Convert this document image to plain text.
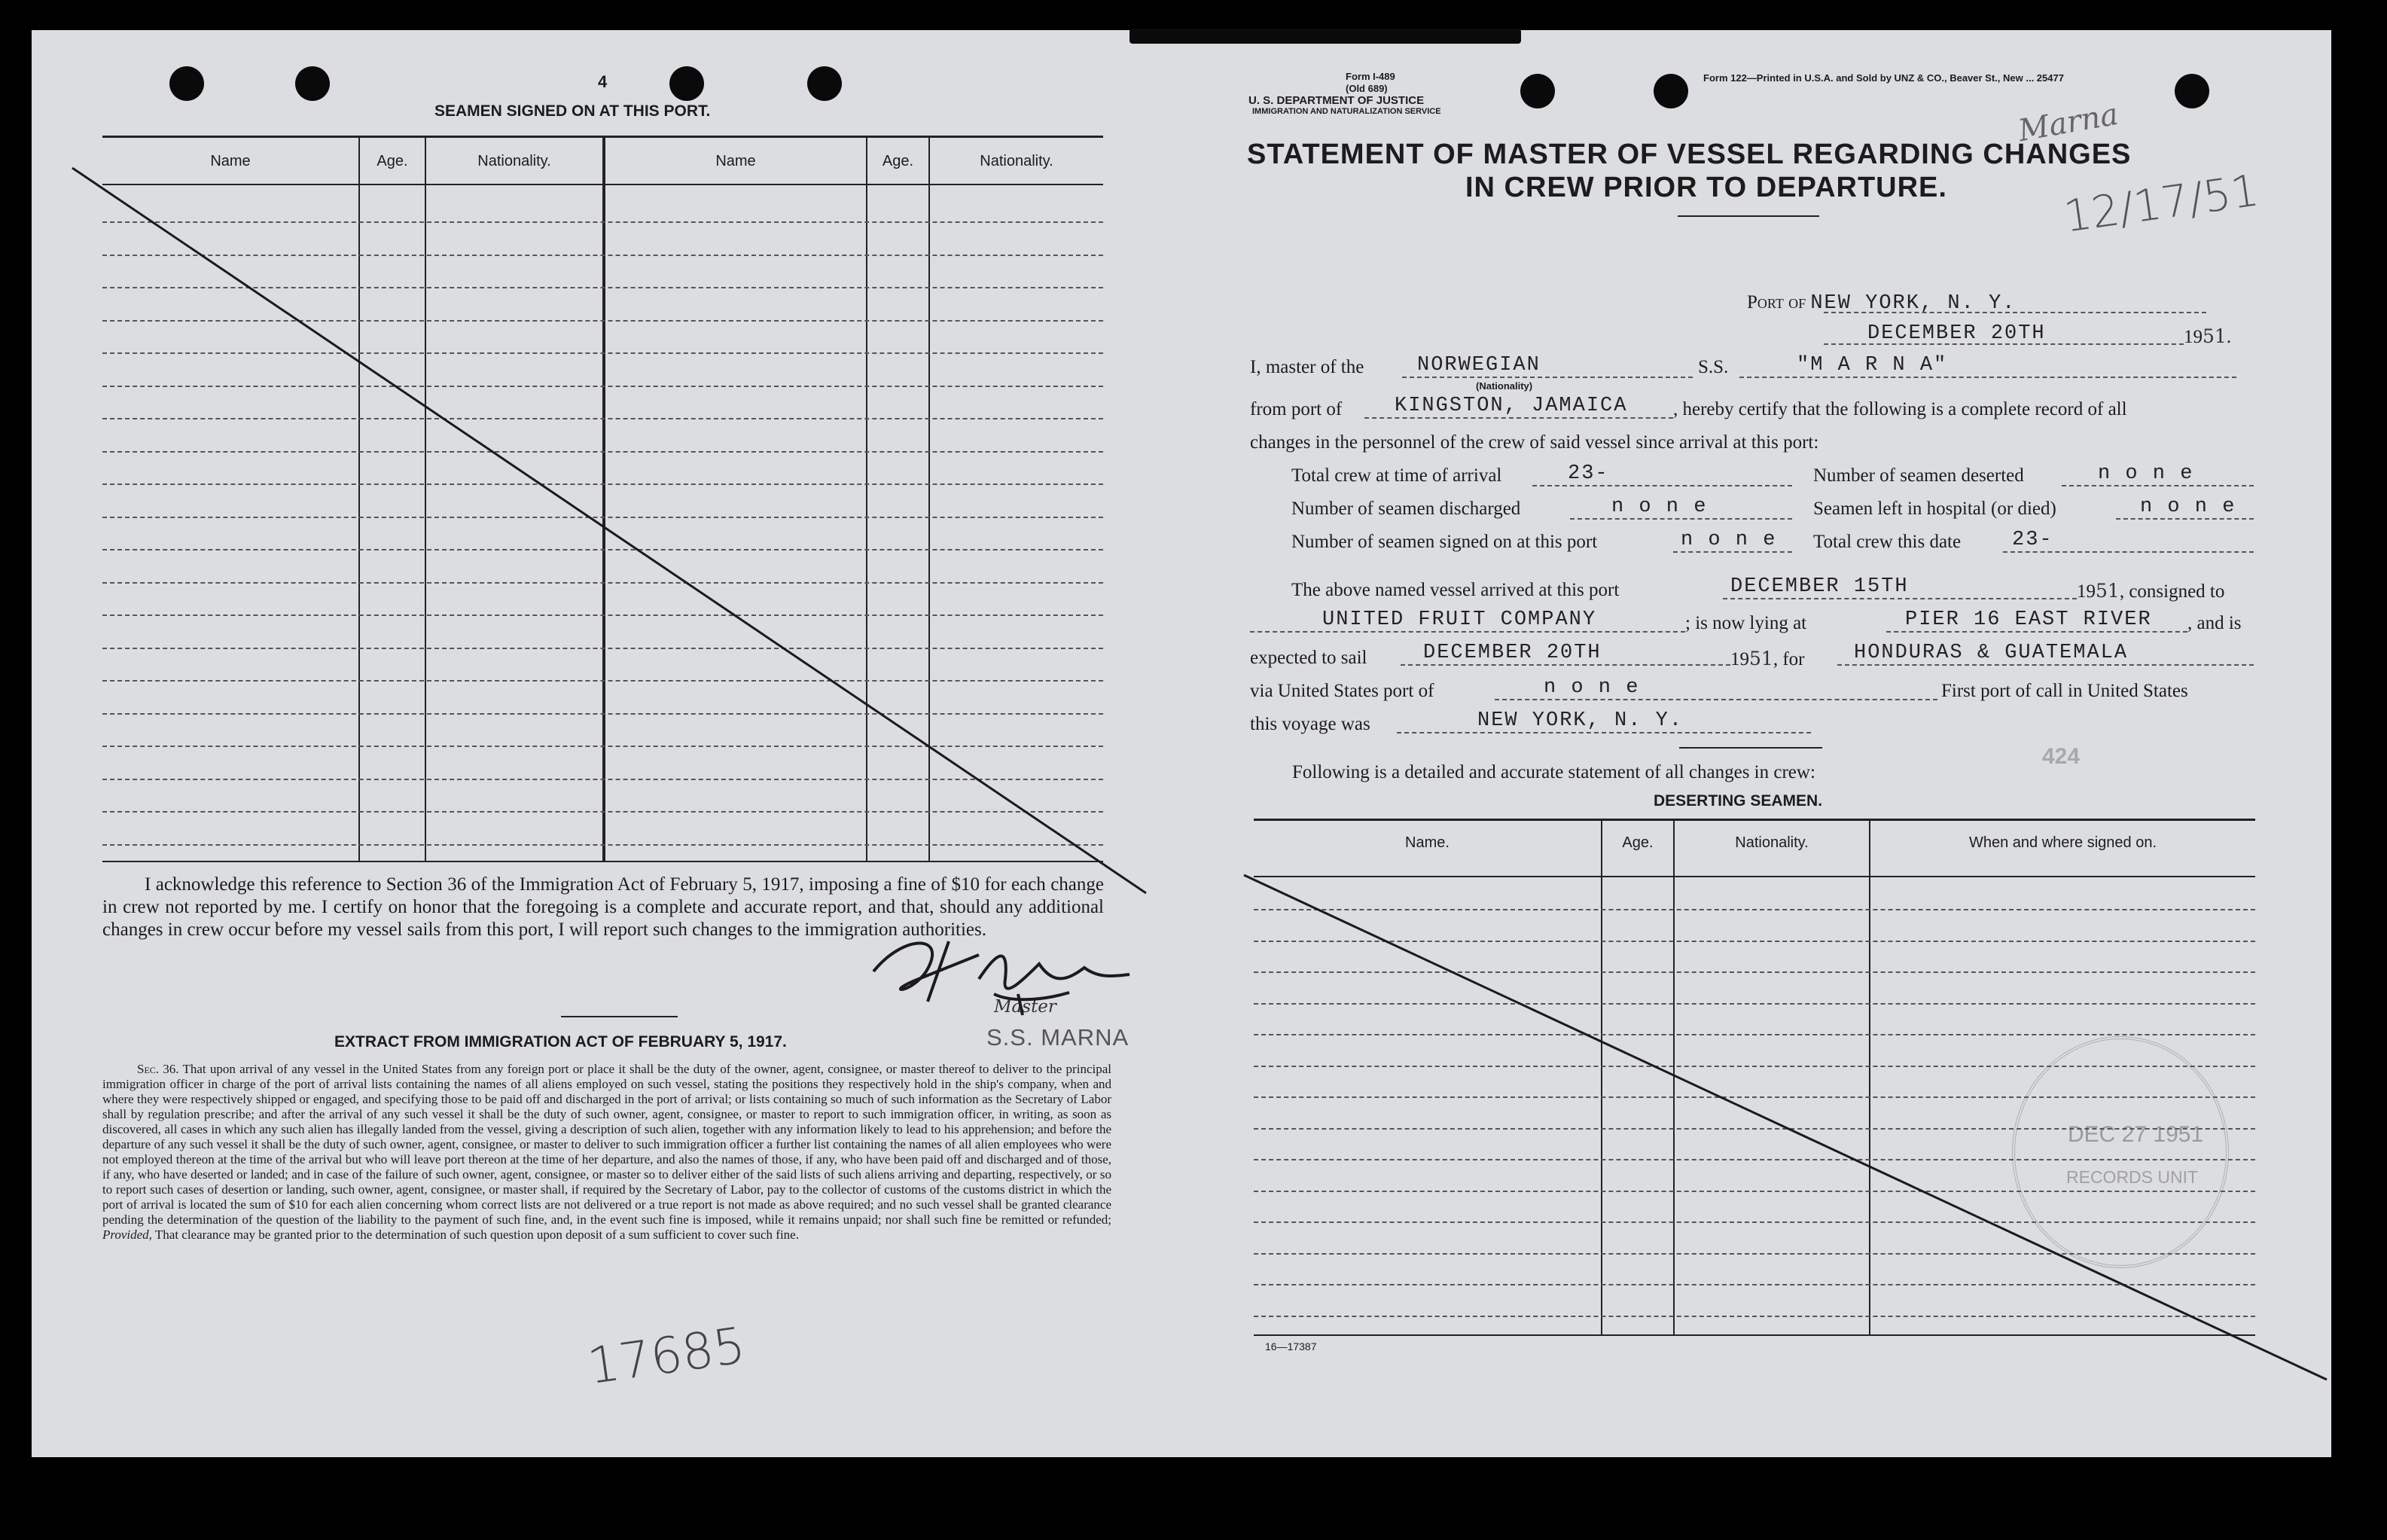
4
SEAMEN SIGNED ON AT THIS PORT.
Name	Age.	Nationality.	Name	Age.	Nationality.
I acknowledge this reference to Section 36 of the Immigration Act of February 5, 1917, imposing a fine of $10 for each change in crew not reported by me. I certify on honor that the foregoing is a complete and accurate report, and that, should any additional changes in crew occur before my vessel sails from this port, I will report such changes to the immigration authorities.
EXTRACT FROM IMMIGRATION ACT OF FEBRUARY 5, 1917.
Master
S.S. MARNA
Sec. 36. That upon arrival of any vessel in the United States from any foreign port or place it shall be the duty of the owner, agent, consignee, or master thereof to deliver to the principal immigration officer in charge of the port of arrival lists containing the names of all aliens employed on such vessel, stating the positions they respectively hold in the ship's company, when and where they were respectively shipped or engaged, and specifying those to be paid off and discharged in the port of arrival; or lists containing so much of such information as the Secretary of Labor shall by regulation prescribe; and after the arrival of any such vessel it shall be the duty of such owner, agent, consignee, or master to report to such immigration officer, in writing, as soon as discovered, all cases in which any such alien has illegally landed from the vessel, giving a description of such alien, together with any information likely to lead to his apprehension; and before the departure of any such vessel it shall be the duty of such owner, agent, consignee, or master to deliver to such immigration officer a further list containing the names of all alien employees who were not employed thereon at the time of the arrival but who will leave port thereon at the time of her departure, and also the names of those, if any, who have been paid off and discharged and of those, if any, who have deserted or landed; and in case of the failure of such owner, agent, consignee, or master so to deliver either of the said lists of such aliens arriving and departing, respectively, or so to report such cases of desertion or landing, such owner, agent, consignee, or master shall, if required by the Secretary of Labor, pay to the collector of customs of the customs district in which the port of arrival is located the sum of $10 for each alien concerning whom correct lists are not delivered or a true report is not made as above required; and no such vessel shall be granted clearance pending the determination of the question of the liability to the payment of such fine, and, in the event such fine is imposed, while it remains unpaid; nor shall such fine be remitted or refunded; Provided, That clearance may be granted prior to the determination of such question upon deposit of a sum sufficient to cover such fine.
17685
Form I-489
(Old 689)
U. S. DEPARTMENT OF JUSTICE
IMMIGRATION AND NATURALIZATION SERVICE
Form 122—Printed in U.S.A. and Sold by UNZ & CO., Beaver St., New ... 25477
STATEMENT OF MASTER OF VESSEL REGARDING CHANGES
IN CREW PRIOR TO DEPARTURE.
Marna
12/17/51
Port of NEW YORK, N. Y.
DECEMBER 20TH	1951.
I, master of the	NORWEGIAN
(Nationality)
S.S.	"M A R N A"
from port of	KINGSTON, JAMAICA , hereby certify that the following is a complete record of all
changes in the personnel of the crew of said vessel since arrival at this port:
Total crew at time of arrival	23-	Number of seamen deserted	n o n e
Number of seamen discharged	n o n e	Seamen left in hospital (or died)	n o n e
Number of seamen signed on at this port	n o n e Total crew this date	23-
The above named vessel arrived at this port	DECEMBER 15TH	1951, consigned to
UNITED FRUIT COMPANY	; is now lying at	PIER 16 EAST RIVER , and is
expected to sail	DECEMBER 20TH	1951, for HONDURAS & GUATEMALA
via United States port of	n o n e	First port of call in United States
this voyage was	NEW YORK, N. Y.
Following is a detailed and accurate statement of all changes in crew:
424
DESERTING SEAMEN.
Name.	Age.	Nationality.	When and where signed on.
DEC 27 1951
RECORDS UNIT
16—17387
